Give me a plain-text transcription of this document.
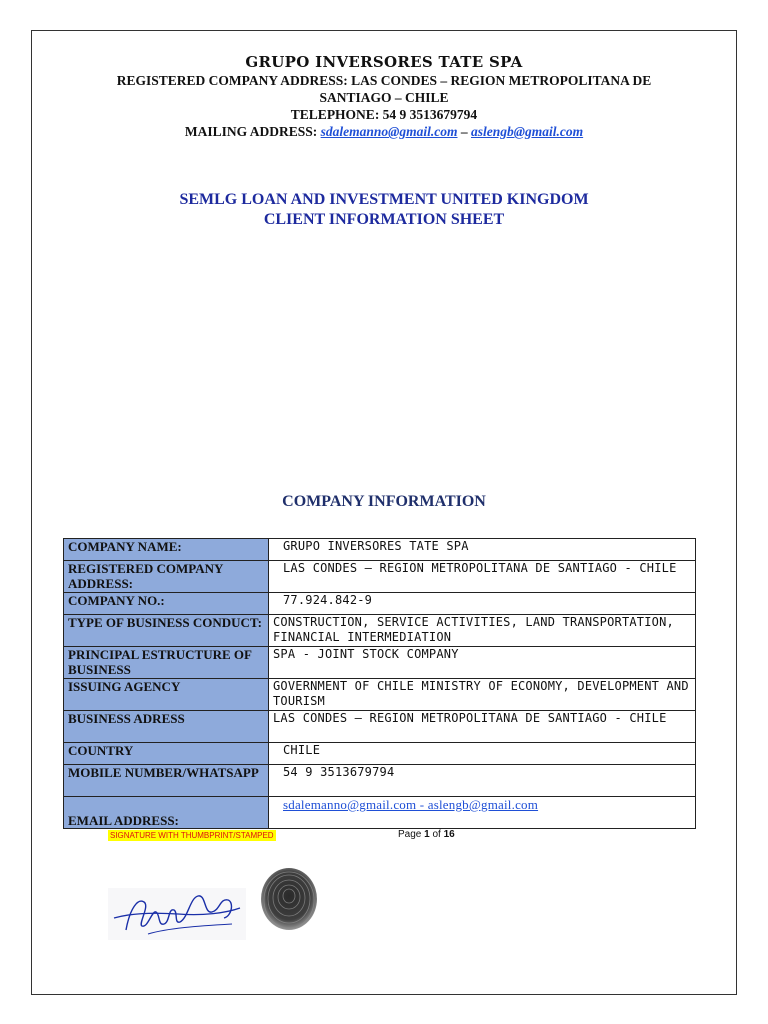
GRUPO INVERSORES TATE SPA

REGISTERED COMPANY ADDRESS: LAS CONDES – REGION METROPOLITANA DE

SANTIAGO – CHILE

TELEPHONE: 54 9 3513679794

MAILING ADDRESS: sdalemanno@gmail.com – aslengb@gmail.com

SEMLG LOAN AND INVESTMENT UNITED KINGDOM
CLIENT INFORMATION SHEET
COMPANY INFORMATION
COMPANY NAME:	GRUPO INVERSORES TATE SPA
REGISTERED COMPANY ADDRESS:	LAS CONDES – REGION METROPOLITANA DE SANTIAGO - CHILE
COMPANY NO.:	77.924.842-9
TYPE OF BUSINESS CONDUCT:	CONSTRUCTION, SERVICE ACTIVITIES, LAND TRANSPORTATION, FINANCIAL INTERMEDIATION
PRINCIPAL ESTRUCTURE OF BUSINESS	SPA - JOINT STOCK COMPANY
ISSUING AGENCY	GOVERNMENT OF CHILE MINISTRY OF ECONOMY, DEVELOPMENT AND TOURISM
BUSINESS ADRESS	LAS CONDES – REGION METROPOLITANA DE SANTIAGO - CHILE
COUNTRY	CHILE
MOBILE NUMBER/WHATSAPP	54 9 3513679794
EMAIL ADDRESS:	sdalemanno@gmail.com - aslengb@gmail.com
SIGNATURE WITH THUMBPRINT/STAMPED	Page 1 of 16
